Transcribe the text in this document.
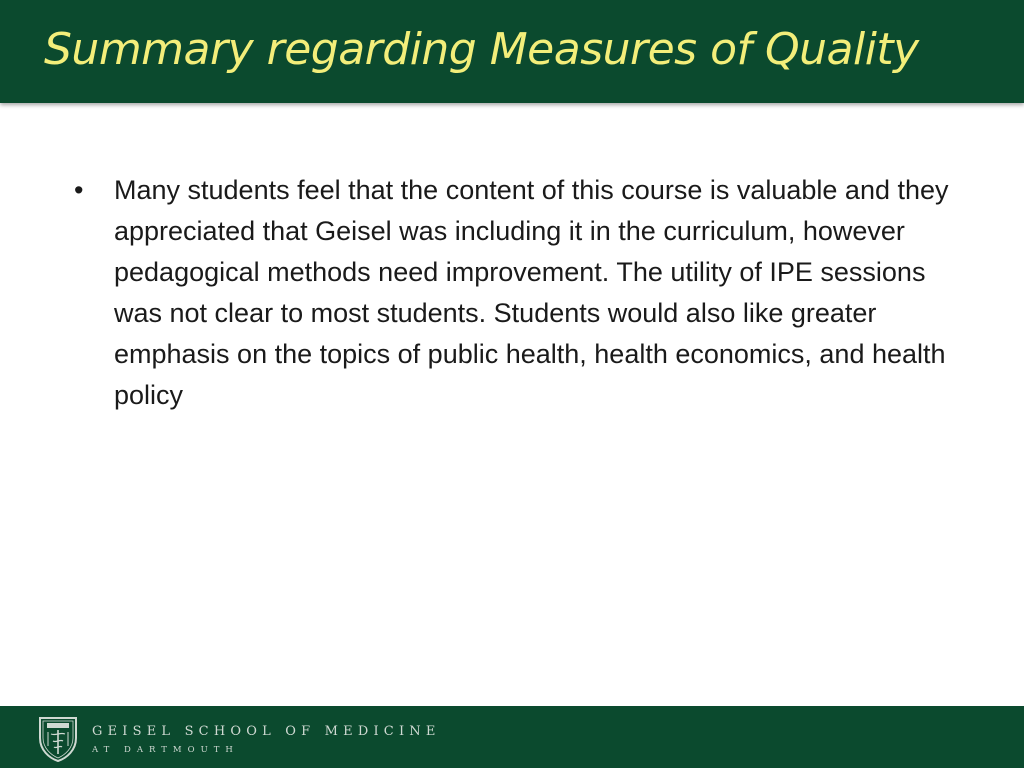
Summary regarding Measures of Quality
• Many students feel that the content of this course is valuable and they appreciated that Geisel was including it in the curriculum, however pedagogical methods need improvement. The utility of IPE sessions was not clear to most students. Students would also like greater emphasis on the topics of public health, health economics, and health policy
GEISEL SCHOOL OF MEDICINE
AT DARTMOUTH
